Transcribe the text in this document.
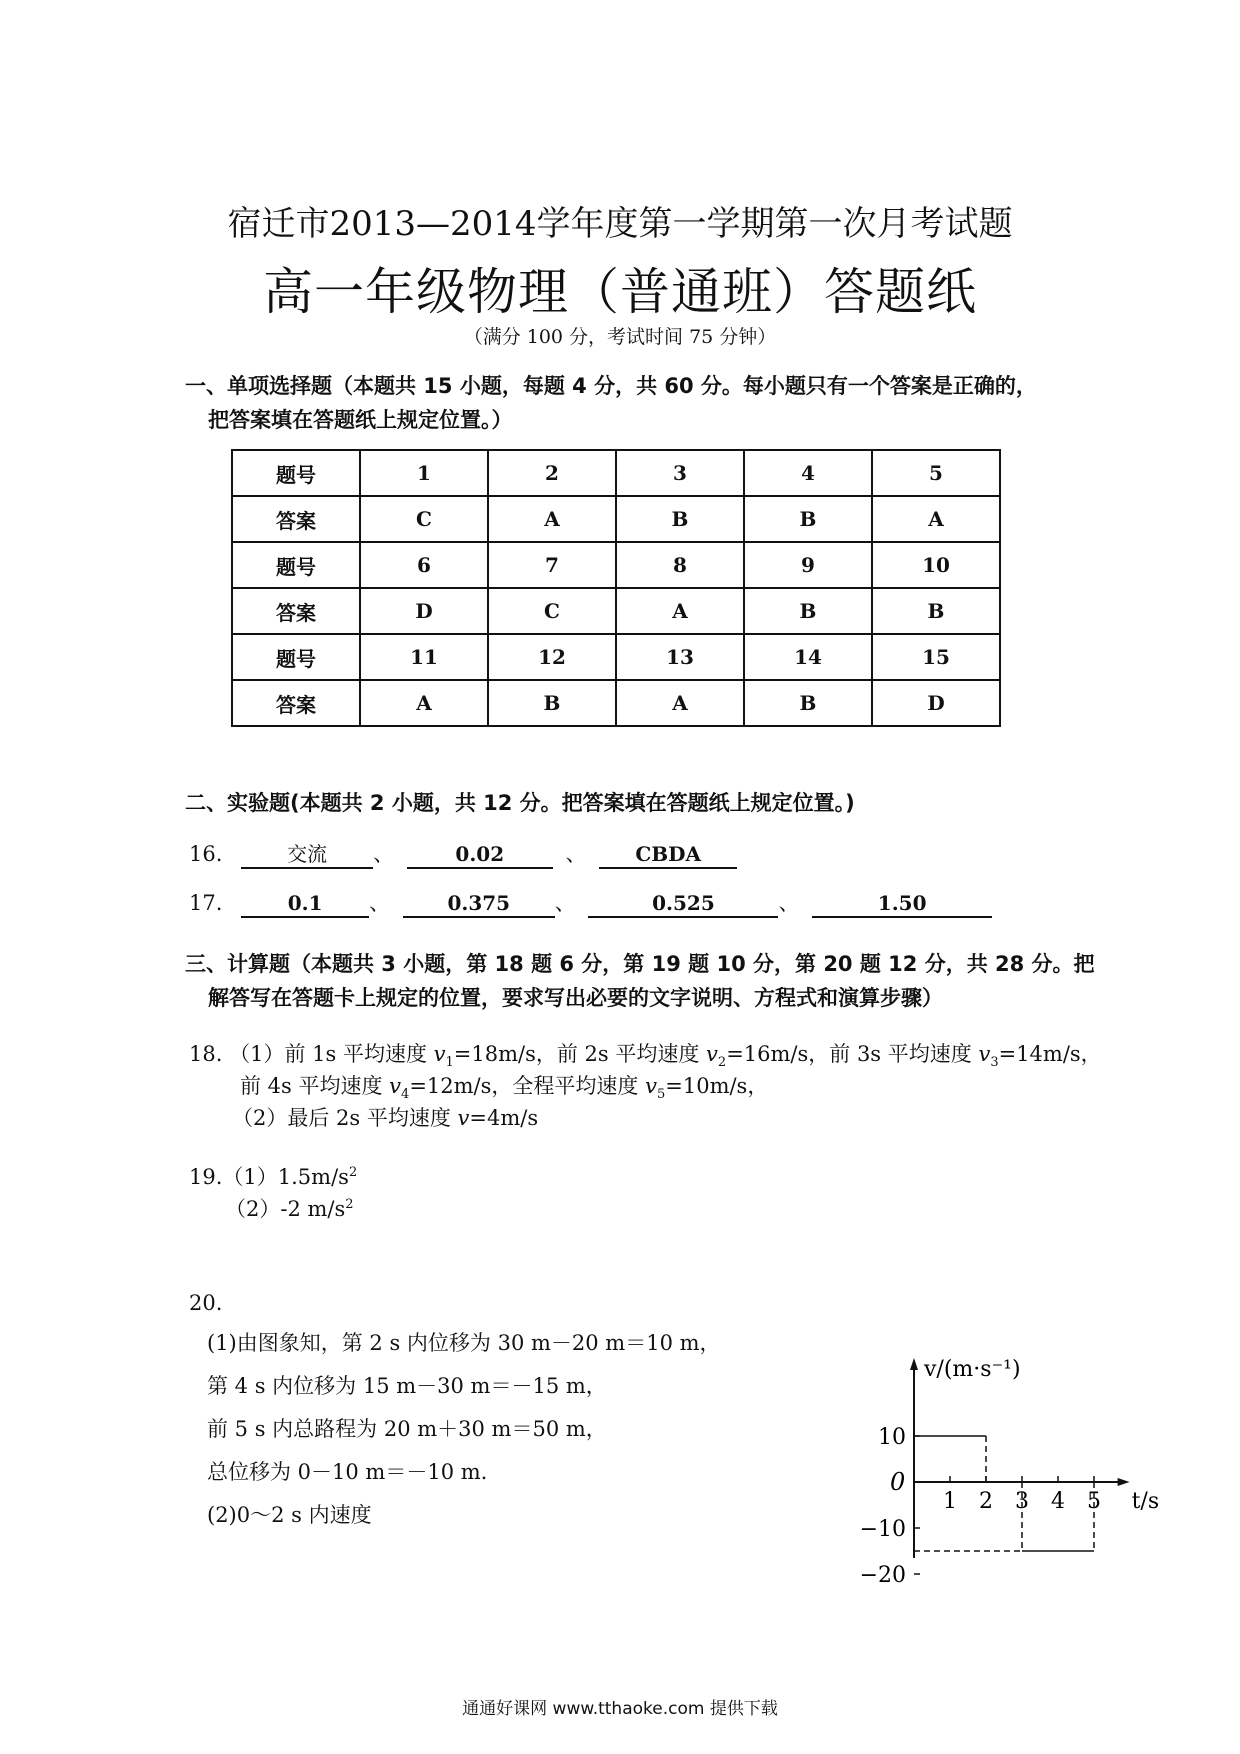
宿迁市2013—2014学年度第一学期第一次月考试题
高一年级物理（普通班）答题纸
（满分 100 分，考试时间 75 分钟）
一、单项选择题（本题共 15 小题，每题 4 分，共 60 分。每小题只有一个答案是正确的，
把答案填在答题纸上规定位置。）
题号	1	2	3	4	5
答案	C	A	B	B	A
题号	6	7	8	9	10
答案	D	C	A	B	B
题号	11	12	13	14	15
答案	A	B	A	B	D
二、实验题(本题共 2 小题，共 12 分。把答案填在答题纸上规定位置。)
16.	交流 、	0.02	、 CBDA
17.	0.1 、	0.375 、	0.525	、	1.50
三、计算题（本题共 3 小题，第 18 题 6 分，第 19 题 10 分，第 20 题 12 分，共 28 分。把
解答写在答题卡上规定的位置，要求写出必要的文字说明、方程式和演算步骤）
18. （1）前 1s 平均速度 $v_1=18m/s$，前 2s 平均速度 $v_2=16m/s$，前 3s 平均速度 $v_3=14m/s$，
前 4s 平均速度 $v_4=12m/s$，全程平均速度 $v_5=10m/s$，
（2）最后 2s 平均速度 v=4m/s
$19.(1)1.5m/s^2$
（2）-2 $m/s^2$
20.
(1)由图象知，第 2 s 内位移为 30 m－20 m＝10 m，
第 4 s 内位移为 15 m－30 m＝－15 m，
前 5 s 内总路程为 20 m＋30 m＝50 m，
总位移为 0－10 m＝－10 m.
(2)0～2 s 内速度
v/(m·s⁻¹)
t/s
0
1 2 3 4 5
10
−10
−20
通通好课网 www.tthaoke.com 提供下载
